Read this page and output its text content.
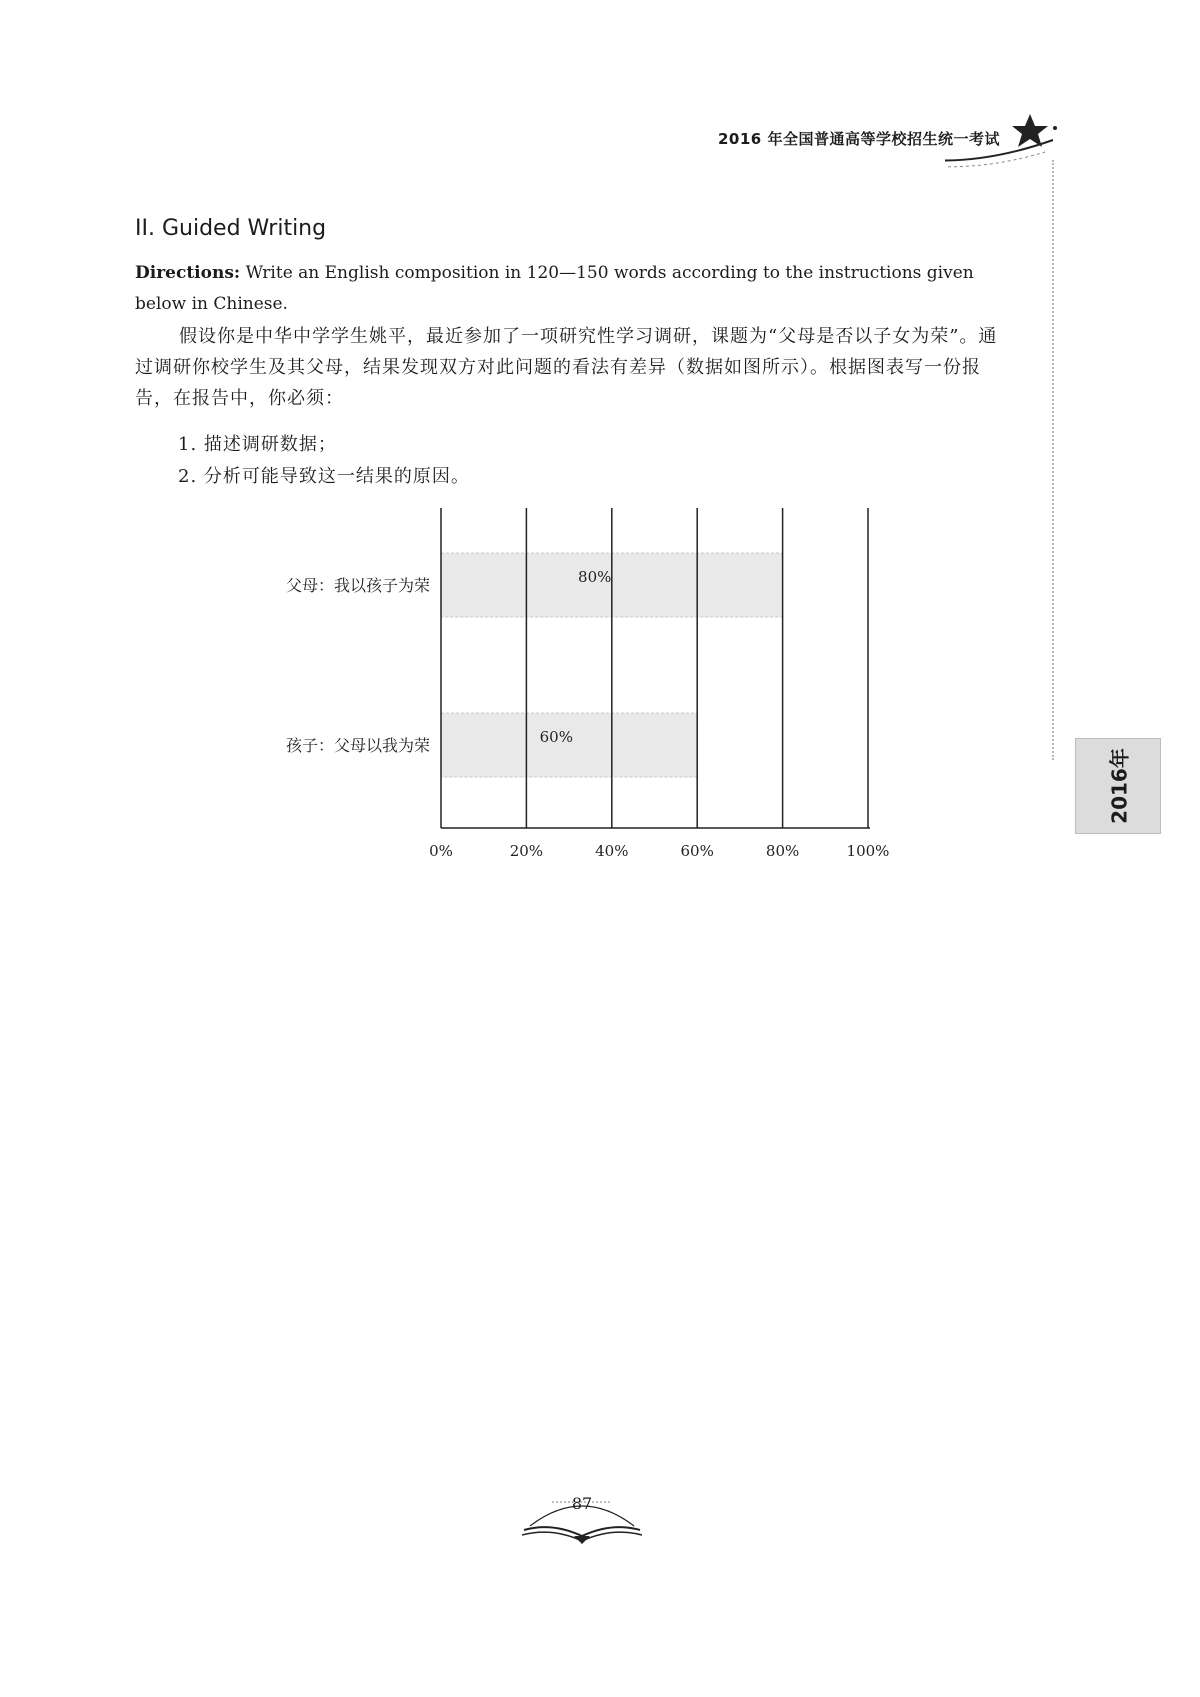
2016 年全国普通高等学校招生统一考试
2016年
II. Guided Writing
Directions: Write an English composition in 120—150 words according to the instructions given below in Chinese.
假设你是中华中学学生姚平，最近参加了一项研究性学习调研，课题为“父母是否以子女为荣”。通过调研你校学生及其父母，结果发现双方对此问题的看法有差异（数据如图所示）。根据图表写一份报告，在报告中，你必须：
1. 描述调研数据；
2. 分析可能导致这一结果的原因。
0%	20%	40%	60%	80%	100%
80%
父母：我以孩子为荣
60%
孩子：父母以我为荣
87
